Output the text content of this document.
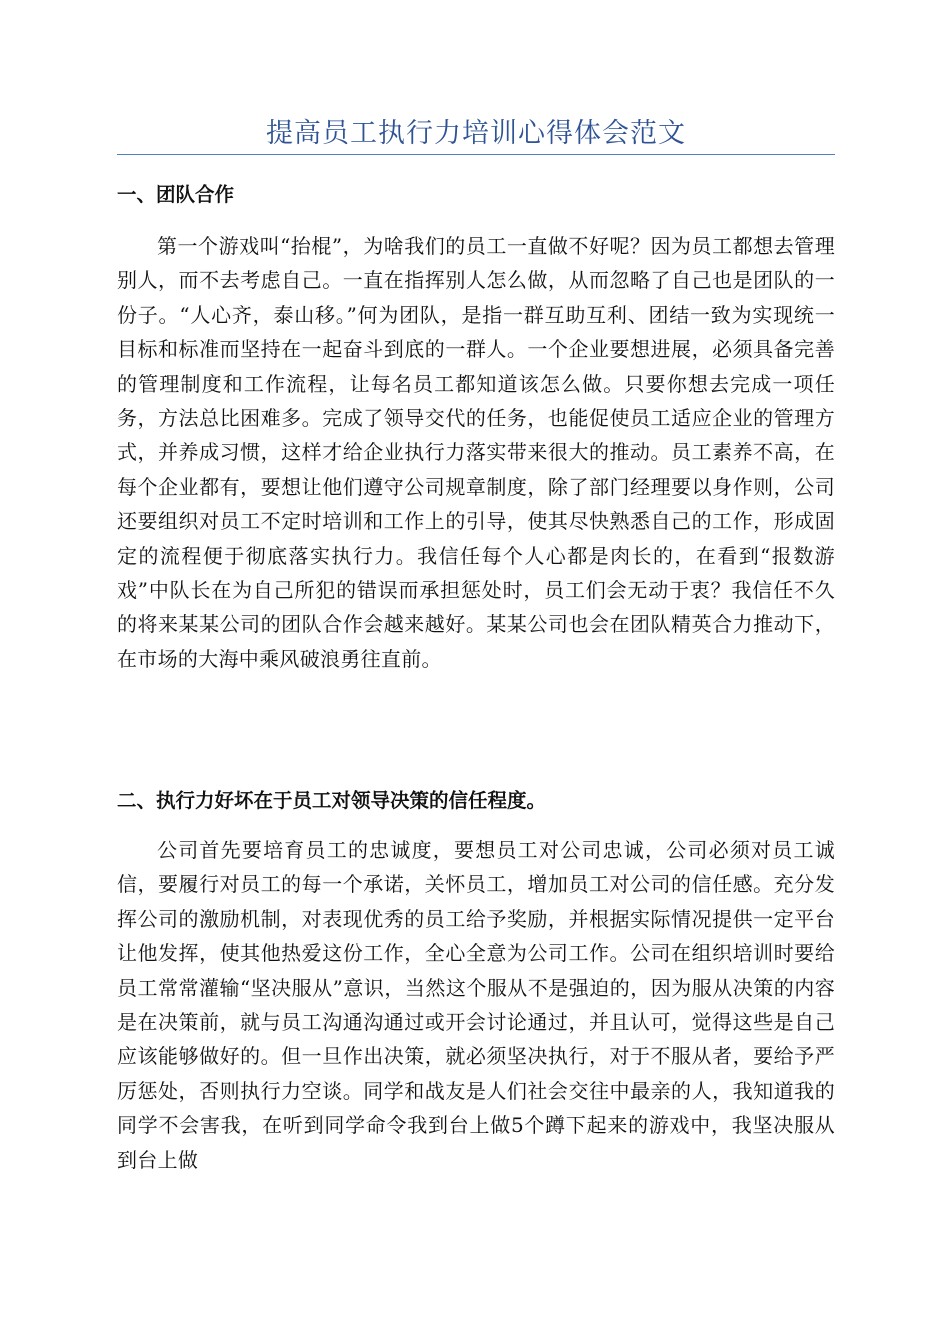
提高员工执行力培训心得体会范文
一、团队合作

第一个游戏叫“抬棍”，为啥我们的员工一直做不好呢？因为员工都想去管理别人，而不去考虑自己。一直在指挥别人怎么做，从而忽略了自己也是团队的一份子。“人心齐，泰山移。”何为团队，是指一群互助互利、团结一致为实现统一目标和标准而坚持在一起奋斗到底的一群人。一个企业要想进展，必须具备完善的管理制度和工作流程，让每名员工都知道该怎么做。只要你想去完成一项任务，方法总比困难多。完成了领导交代的任务，也能促使员工适应企业的管理方式，并养成习惯，这样才给企业执行力落实带来很大的推动。员工素养不高，在每个企业都有，要想让他们遵守公司规章制度，除了部门经理要以身作则，公司还要组织对员工不定时培训和工作上的引导，使其尽快熟悉自己的工作，形成固定的流程便于彻底落实执行力。我信任每个人心都是肉长的，在看到“报数游戏”中队长在为自己所犯的错误而承担惩处时，员工们会无动于衷？我信任不久的将来某某公司的团队合作会越来越好。某某公司也会在团队精英合力推动下，在市场的大海中乘风破浪勇往直前。

二、执行力好坏在于员工对领导决策的信任程度。

公司首先要培育员工的忠诚度，要想员工对公司忠诚，公司必须对员工诚信，要履行对员工的每一个承诺，关怀员工，增加员工对公司的信任感。充分发挥公司的激励机制，对表现优秀的员工给予奖励，并根据实际情况提供一定平台让他发挥，使其他热爱这份工作，全心全意为公司工作。公司在组织培训时要给员工常常灌输“坚决服从”意识，当然这个服从不是强迫的，因为服从决策的内容是在决策前，就与员工沟通沟通过或开会讨论通过，并且认可，觉得这些是自己应该能够做好的。但一旦作出决策，就必须坚决执行，对于不服从者，要给予严厉惩处，否则执行力空谈。同学和战友是人们社会交往中最亲的人，我知道我的同学不会害我，在听到同学命令我到台上做5个蹲下起来的游戏中，我坚决服从到台上做
